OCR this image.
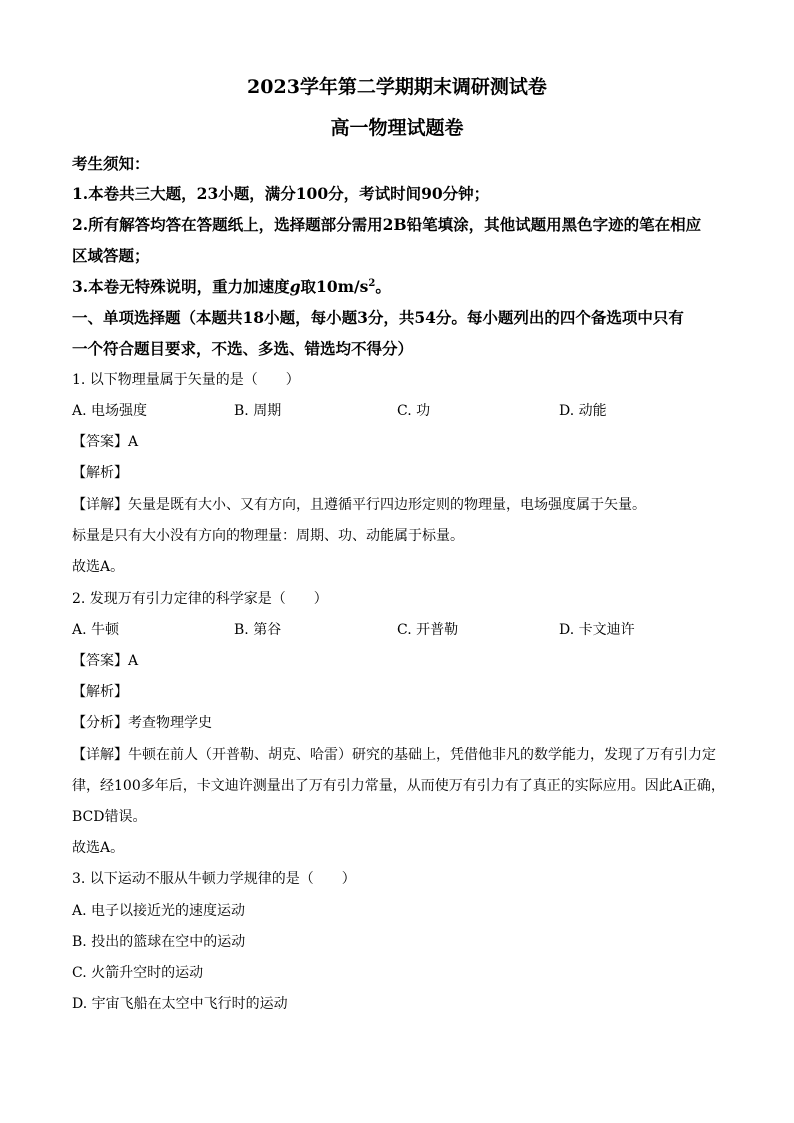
2023学年第二学期期末调研测试卷
高一物理试题卷
考生须知：
1.本卷共三大题，23小题，满分100分，考试时间90分钟；
2.所有解答均答在答题纸上，选择题部分需用2B铅笔填涂，其他试题用黑色字迹的笔在相应
区域答题；
3.本卷无特殊说明，重力加速度g取$10m/s^2$。
一、单项选择题（本题共18小题，每小题3分，共54分。每小题列出的四个备选项中只有
一个符合题目要求，不选、多选、错选均不得分）
1. 以下物理量属于矢量的是（　　）
A. 电场强度	B. 周期	C. 功	D. 动能
【答案】A
【解析】
【详解】矢量是既有大小、又有方向，且遵循平行四边形定则的物理量，电场强度属于矢量。
标量是只有大小没有方向的物理量：周期、功、动能属于标量。
故选A。
2. 发现万有引力定律的科学家是（　　）
A. 牛顿	B. 第谷	C. 开普勒	D. 卡文迪许
【答案】A
【解析】
【分析】考查物理学史
【详解】牛顿在前人（开普勒、胡克、哈雷）研究的基础上，凭借他非凡的数学能力，发现了万有引力定
律，经100多年后，卡文迪许测量出了万有引力常量，从而使万有引力有了真正的实际应用。因此A正确，
BCD错误。
故选A。
3. 以下运动不服从牛顿力学规律的是（　　）
A. 电子以接近光的速度运动
B. 投出的篮球在空中的运动
C. 火箭升空时的运动
D. 宇宙飞船在太空中飞行时的运动
